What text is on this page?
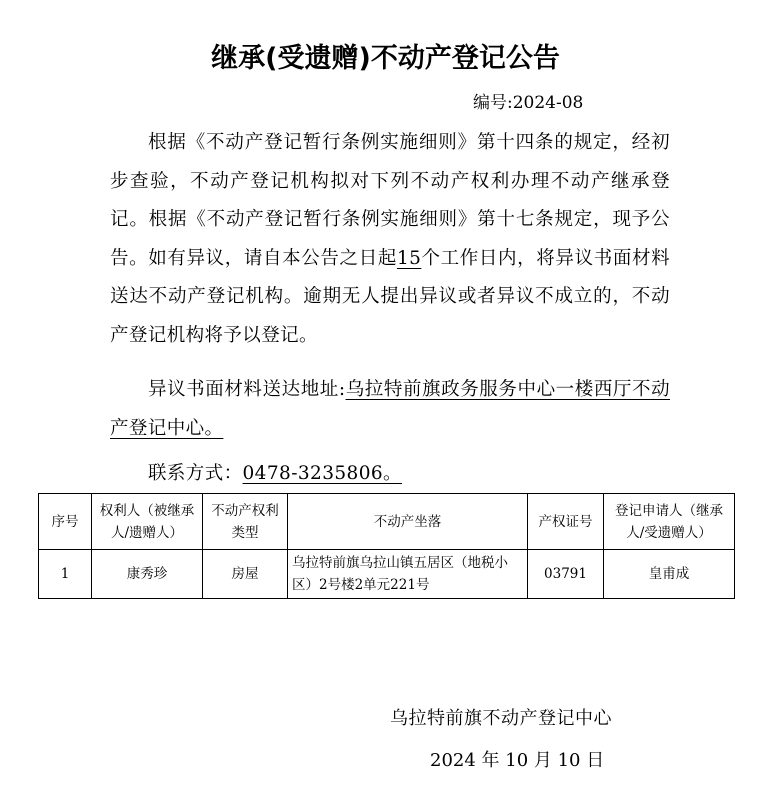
继承(受遗赠)不动产登记公告
编号:2024-08
根据《不动产登记暂行条例实施细则》第十四条的规定，经初步查验，不动产登记机构拟对下列不动产权利办理不动产继承登记。根据《不动产登记暂行条例实施细则》第十七条规定，现予公告。如有异议，请自本公告之日起15个工作日内，将异议书面材料送达不动产登记机构。逾期无人提出异议或者异议不成立的，不动产登记机构将予以登记。
异议书面材料送达地址:乌拉特前旗政务服务中心一楼西厅不动产登记中心。
联系方式：0478-3235806。
序号	权利人（被继承人/遗赠人）	不动产权利类型	不动产坐落	产权证号	登记申请人（继承人/受遗赠人）
1	康秀珍	房屋	乌拉特前旗乌拉山镇五居区（地税小区）2号楼2单元221号	03791	皇甫成
乌拉特前旗不动产登记中心
2024 年 10 月 10 日
